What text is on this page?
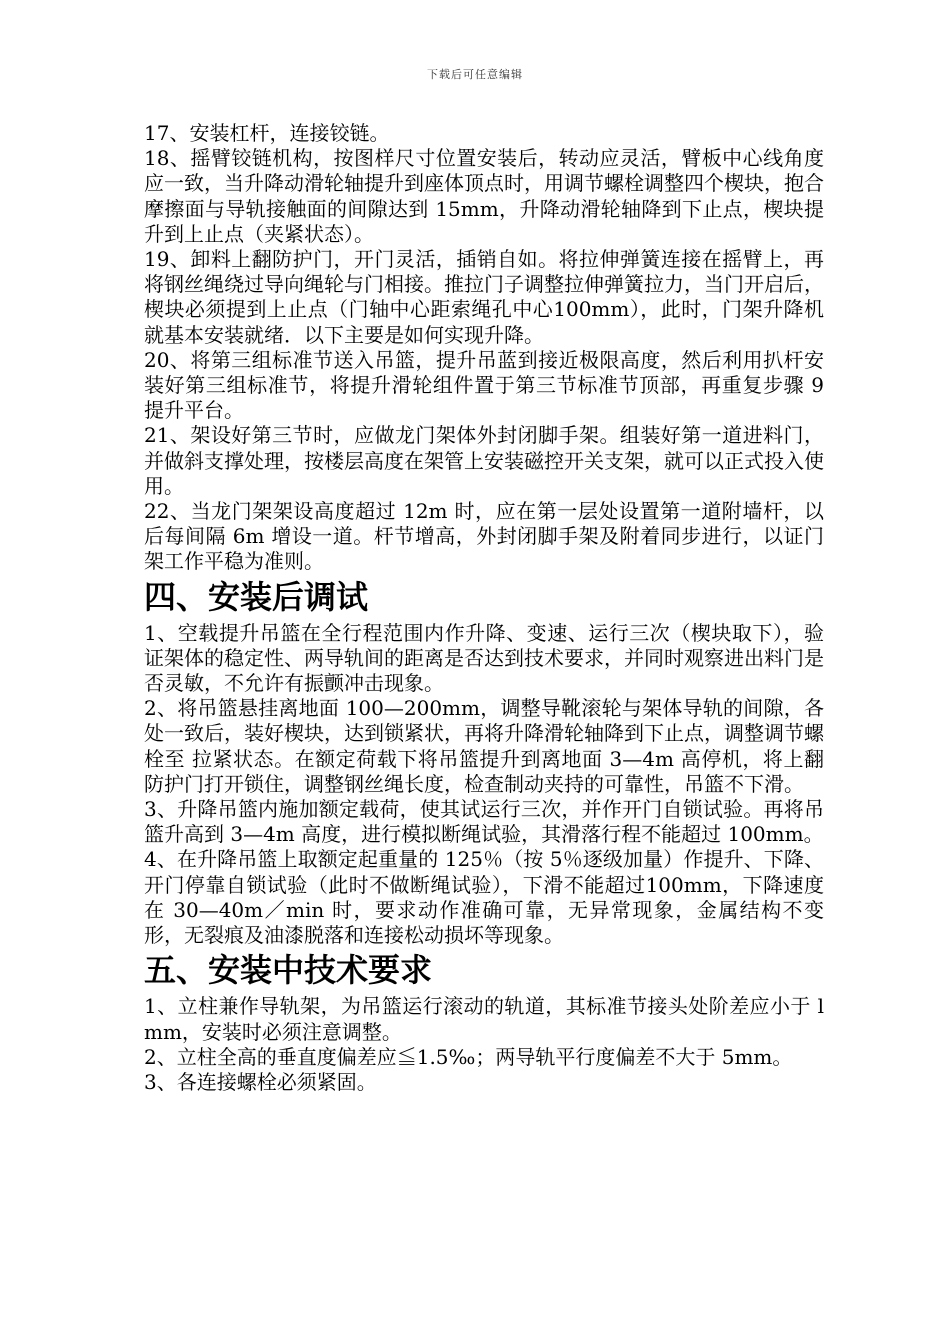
下载后可任意编辑

17、安装杠杆，连接铰链。

18、摇臂铰链机构，按图样尺寸位置安装后，转动应灵活，臂板中心线角度应一致，当升降动滑轮轴提升到座体顶点时，用调节螺栓调整四个楔块，抱合摩擦面与导轨接触面的间隙达到 15mm，升降动滑轮轴降到下止点，楔块提升到上止点（夹紧状态）。

19、卸料上翻防护门，开门灵活，插销自如。将拉伸弹簧连接在摇臂上，再将钢丝绳绕过导向绳轮与门相接。推拉门子调整拉伸弹簧拉力，当门开启后，楔块必须提到上止点（门轴中心距索绳孔中心100mm），此时，门架升降机就基本安装就绪．以下主要是如何实现升降。

20、将第三组标准节送入吊篮，提升吊蓝到接近极限高度，然后利用扒杆安装好第三组标准节，将提升滑轮组件置于第三节标准节顶部，再重复步骤 9 提升平台。

21、架设好第三节时，应做龙门架体外封闭脚手架。组装好第一道进料门，并做斜支撑处理，按楼层高度在架管上安装磁控开关支架，就可以正式投入使用。

22、当龙门架架设高度超过 12m 时，应在第一层处设置第一道附墙杆，以后每间隔 6m 增设一道。杆节增高，外封闭脚手架及附着同步进行，以证门架工作平稳为准则。

四、安装后调试

1、空载提升吊篮在全行程范围内作升降、变速、运行三次（楔块取下），验证架体的稳定性、两导轨间的距离是否达到技术要求，并同时观察进出料门是否灵敏，不允许有振颤冲击现象。

2、将吊篮悬挂离地面 100—200mm，调整导靴滚轮与架体导轨的间隙，各处一致后，装好楔块，达到锁紧状，再将升降滑轮轴降到下止点，调整调节螺栓至 拉紧状态。在额定荷载下将吊篮提升到离地面 3—4m 高停机，将上翻防护门打开锁住，调整钢丝绳长度，检查制动夹持的可靠性，吊篮不下滑。

3、升降吊篮内施加额定载荷，使其试运行三次，并作开门自锁试验。再将吊篮升高到 3—4m 高度，进行模拟断绳试验，其滑落行程不能超过 100mm。

4、在升降吊篮上取额定起重量的 125％（按 5％逐级加量）作提升、下降、开门停靠自锁试验（此时不做断绳试验），下滑不能超过100mm，下降速度在 30—40m／min 时，要求动作准确可靠，无异常现象，金属结构不变形，无裂痕及油漆脱落和连接松动损坏等现象。

五、安装中技术要求

1、立柱兼作导轨架，为吊篮运行滚动的轨道，其标准节接头处阶差应小于 lmm，安装时必须注意调整。

2、立柱全高的垂直度偏差应≦1.5‰；两导轨平行度偏差不大于 5mm。

3、各连接螺栓必须紧固。
